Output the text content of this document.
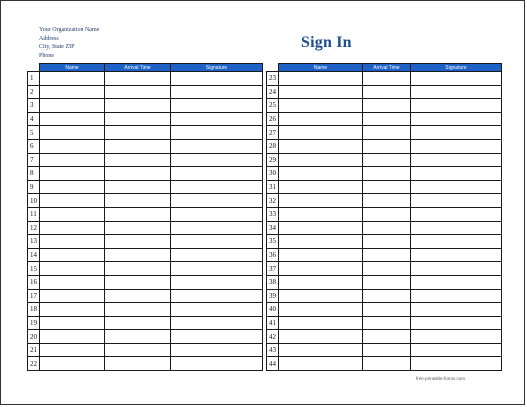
Your Organization Name
Address
City, State ZIP
Phone
Sign In
	Name	Arrival Time	Signature
1			
2			
3			
4			
5			
6			
7			
8			
9			
10			
11			
12			
13			
14			
15			
16			
17			
18			
19			
20			
21			
22			
	Name	Arrival Time	Signature
23			
24			
25			
26			
27			
28			
29			
30			
31			
32			
33			
34			
35			
36			
37			
38			
39			
40			
41			
42			
43			
44			
free-printable-forms.com
